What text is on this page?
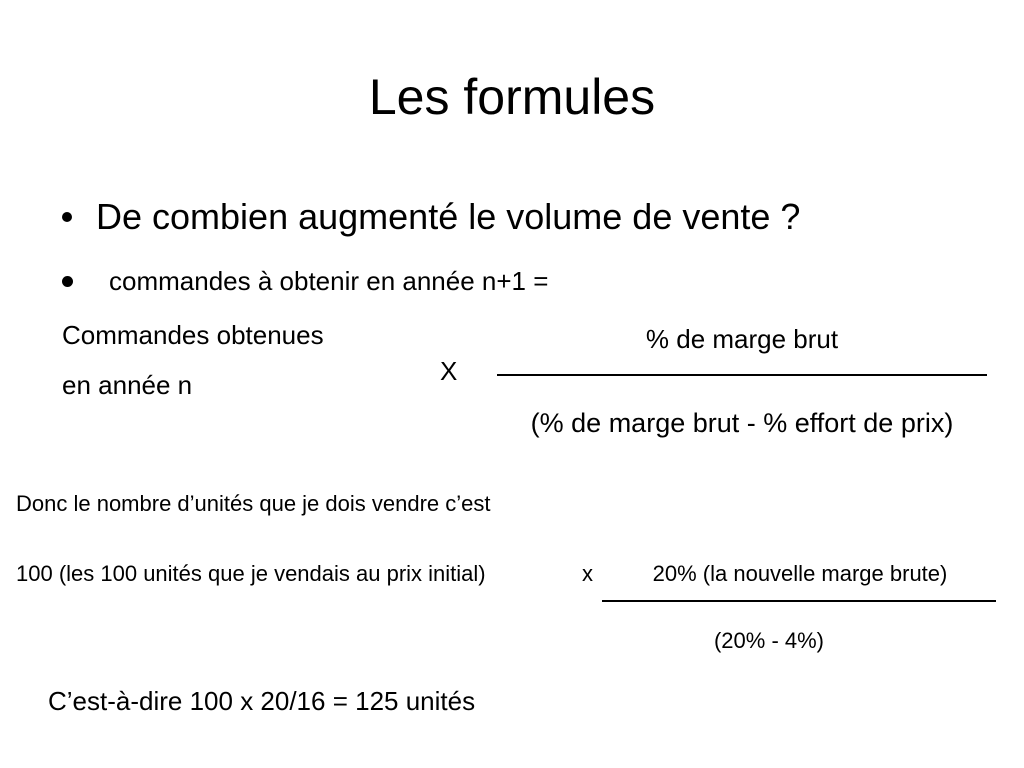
Les formules
De combien augmenté le volume de vente ?
commandes à obtenir en année n+1 =
Commandes obtenues
en année n	X
% de marge brut
(% de marge brut - % effort de prix)
Donc le nombre d’unités que je dois vendre c’est
100 (les 100 unités que je vendais au prix initial)	x	20% (la nouvelle marge brute)
(20% - 4%)
C’est-à-dire 100 x 20/16 = 125 unités
